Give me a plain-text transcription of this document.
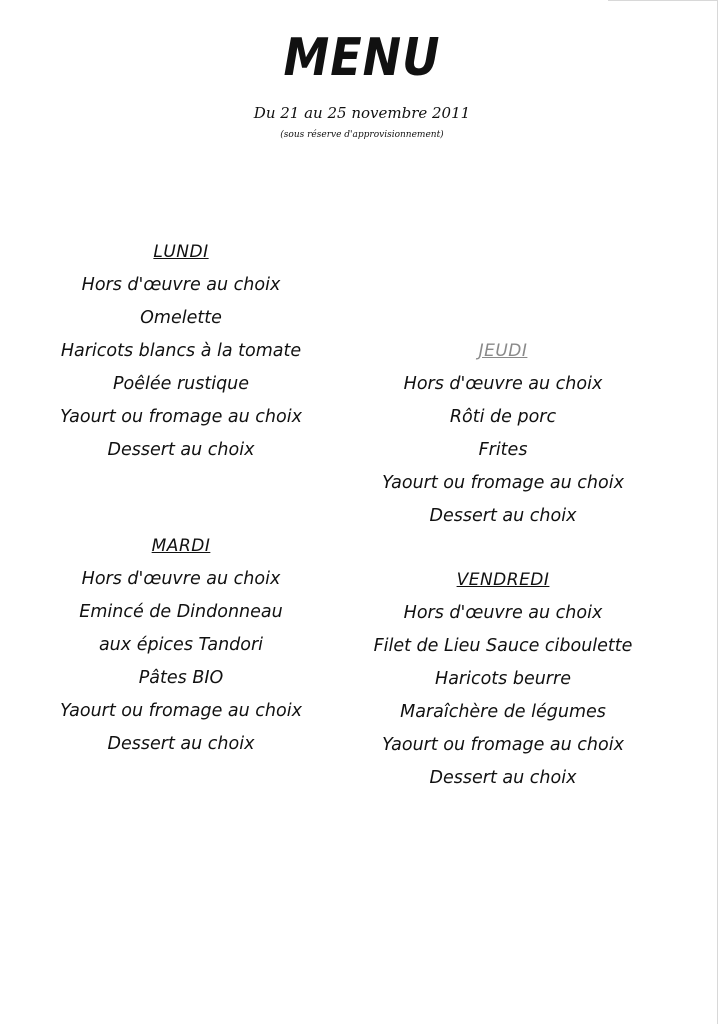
MENU
Du 21 au 25 novembre 2011
(sous réserve d'approvisionnement)
LUNDI
Hors d'œuvre au choix
Omelette
Haricots blancs à la tomate
Poêlée rustique
Yaourt ou fromage au choix
Dessert au choix
MARDI
Hors d'œuvre au choix
Emincé de Dindonneau
aux épices Tandori
Pâtes BIO
Yaourt ou fromage au choix
Dessert au choix
JEUDI
Hors d'œuvre au choix
Rôti de porc
Frites
Yaourt ou fromage au choix
Dessert au choix
VENDREDI
Hors d'œuvre au choix
Filet de Lieu Sauce ciboulette
Haricots beurre
Maraîchère de légumes
Yaourt ou fromage au choix
Dessert au choix
